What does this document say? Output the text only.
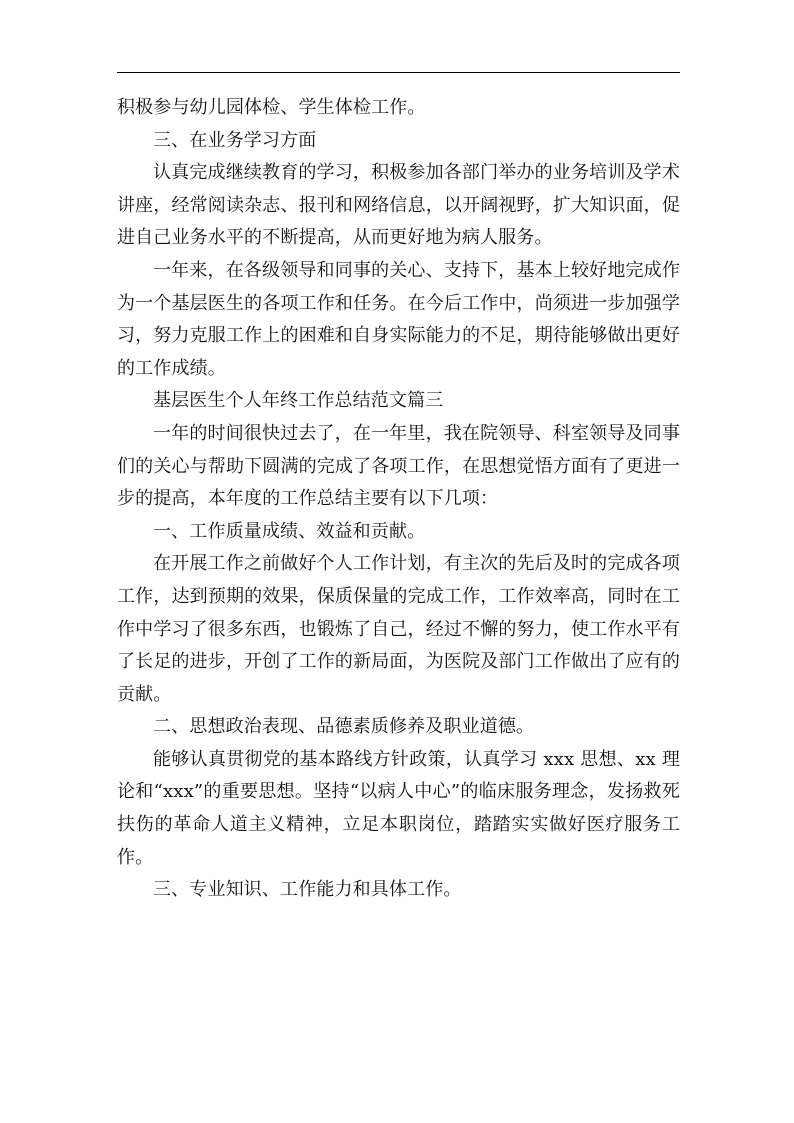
积极参与幼儿园体检、学生体检工作。

三、在业务学习方面

认真完成继续教育的学习，积极参加各部门举办的业务培训及学术讲座，经常阅读杂志、报刊和网络信息，以开阔视野，扩大知识面，促进自己业务水平的不断提高，从而更好地为病人服务。

一年来，在各级领导和同事的关心、支持下，基本上较好地完成作为一个基层医生的各项工作和任务。在今后工作中，尚须进一步加强学习，努力克服工作上的困难和自身实际能力的不足，期待能够做出更好的工作成绩。

基层医生个人年终工作总结范文篇三

一年的时间很快过去了，在一年里，我在院领导、科室领导及同事们的关心与帮助下圆满的完成了各项工作，在思想觉悟方面有了更进一步的提高，本年度的工作总结主要有以下几项：

一、工作质量成绩、效益和贡献。

在开展工作之前做好个人工作计划，有主次的先后及时的完成各项工作，达到预期的效果，保质保量的完成工作，工作效率高，同时在工作中学习了很多东西，也锻炼了自己，经过不懈的努力，使工作水平有了长足的进步，开创了工作的新局面，为医院及部门工作做出了应有的贡献。

二、思想政治表现、品德素质修养及职业道德。

能够认真贯彻党的基本路线方针政策，认真学习 xxx 思想、xx 理论和“xxx”的重要思想。坚持“以病人中心”的临床服务理念，发扬救死扶伤的革命人道主义精神，立足本职岗位，踏踏实实做好医疗服务工作。

三、专业知识、工作能力和具体工作。
